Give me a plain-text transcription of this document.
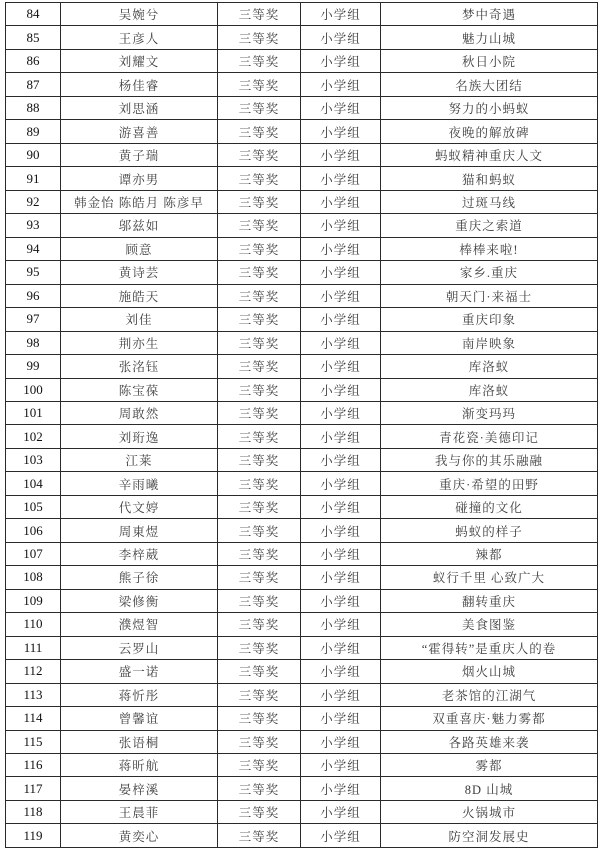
84	吴婉兮	三等奖	小学组	梦中奇遇
85	王彦人	三等奖	小学组	魅力山城
86	刘耀文	三等奖	小学组	秋日小院
87	杨佳睿	三等奖	小学组	名族大团结
88	刘思涵	三等奖	小学组	努力的小蚂蚁
89	游喜善	三等奖	小学组	夜晚的解放碑
90	黄子瑞	三等奖	小学组	蚂蚁精神重庆人文
91	谭亦男	三等奖	小学组	猫和蚂蚁
92	韩金怡 陈皓月 陈彦早	三等奖	小学组	过斑马线
93	邬兹如	三等奖	小学组	重庆之索道
94	顾意	三等奖	小学组	棒棒来啦!
95	黄诗芸	三等奖	小学组	家乡.重庆
96	施皓天	三等奖	小学组	朝天门·来福士
97	刘佳	三等奖	小学组	重庆印象
98	荆亦生	三等奖	小学组	南岸映象
99	张洺钰	三等奖	小学组	库洛蚁
100	陈宝葆	三等奖	小学组	库洛蚁
101	周敢然	三等奖	小学组	渐变玛玛
102	刘珩逸	三等奖	小学组	青花瓷·美德印记
103	江莱	三等奖	小学组	我与你的其乐融融
104	辛雨曦	三等奖	小学组	重庆·希望的田野
105	代文婷	三等奖	小学组	碰撞的文化
106	周東煜	三等奖	小学组	蚂蚁的样子
107	李梓葳	三等奖	小学组	辣都
108	熊子徐	三等奖	小学组	蚁行千里 心致广大
109	梁修衡	三等奖	小学组	翻转重庆
110	濮煜智	三等奖	小学组	美食图鉴
111	云罗山	三等奖	小学组	“霍得转”是重庆人的卷
112	盛一诺	三等奖	小学组	烟火山城
113	蒋忻彤	三等奖	小学组	老茶馆的江湖气
114	曾馨谊	三等奖	小学组	双重喜庆·魅力雾都
115	张语桐	三等奖	小学组	各路英雄来袭
116	蒋昕航	三等奖	小学组	雾都
117	晏梓溪	三等奖	小学组	8D 山城
118	王晨菲	三等奖	小学组	火锅城市
119	黄奕心	三等奖	小学组	防空洞发展史
